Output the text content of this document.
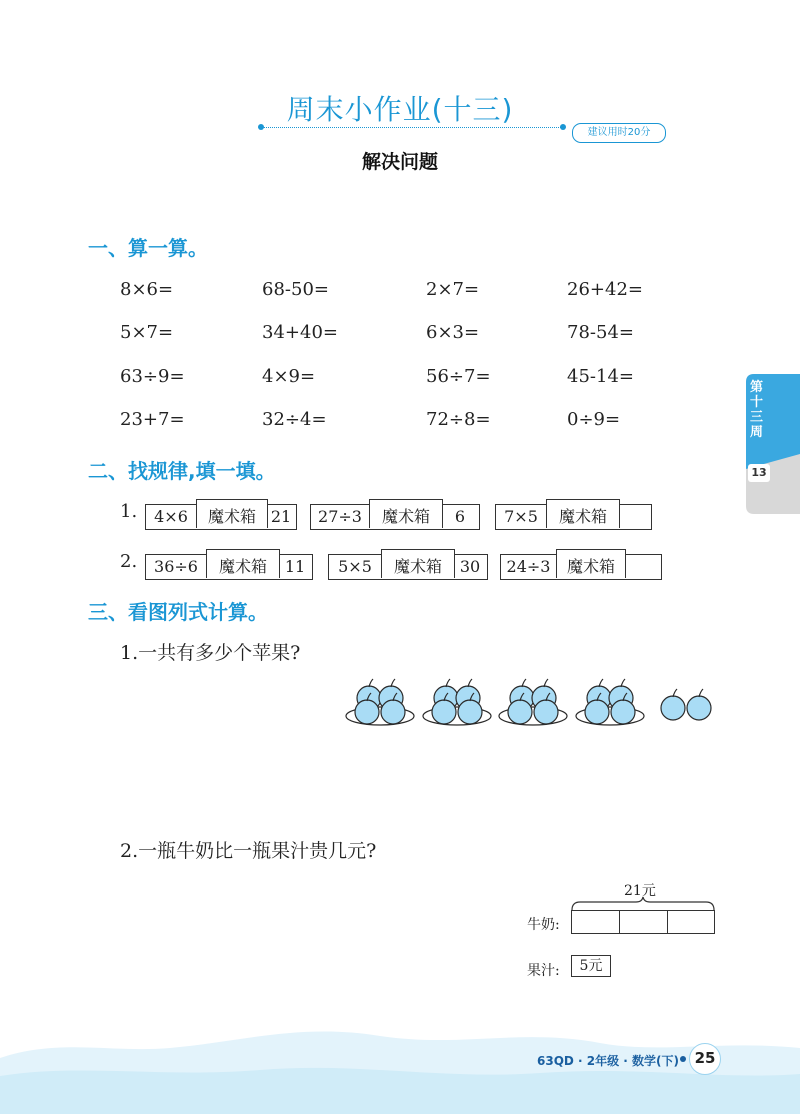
周末小作业(十三)
建议用时20分
解决问题
一、算一算。
8×6=	68-50=	2×7=	26+42=
5×7=	34+40=	6×3=	78-54=
63÷9=	4×9=	56÷7=	45-14=
23+7=	32÷4=	72÷8=	0÷9=
二、找规律,填一填。
1.	4×6	魔术箱 21	27÷3	魔术箱	6	7×5	魔术箱
2.	36÷6	魔术箱	11	5×5	魔术箱	30	24÷3	魔术箱
三、看图列式计算。
1.一共有多少个苹果?
2.一瓶牛奶比一瓶果汁贵几元?
21元
牛奶:
果汁:	5元
第十三周
13
63QD · 2年级 · 数学(下)	25
